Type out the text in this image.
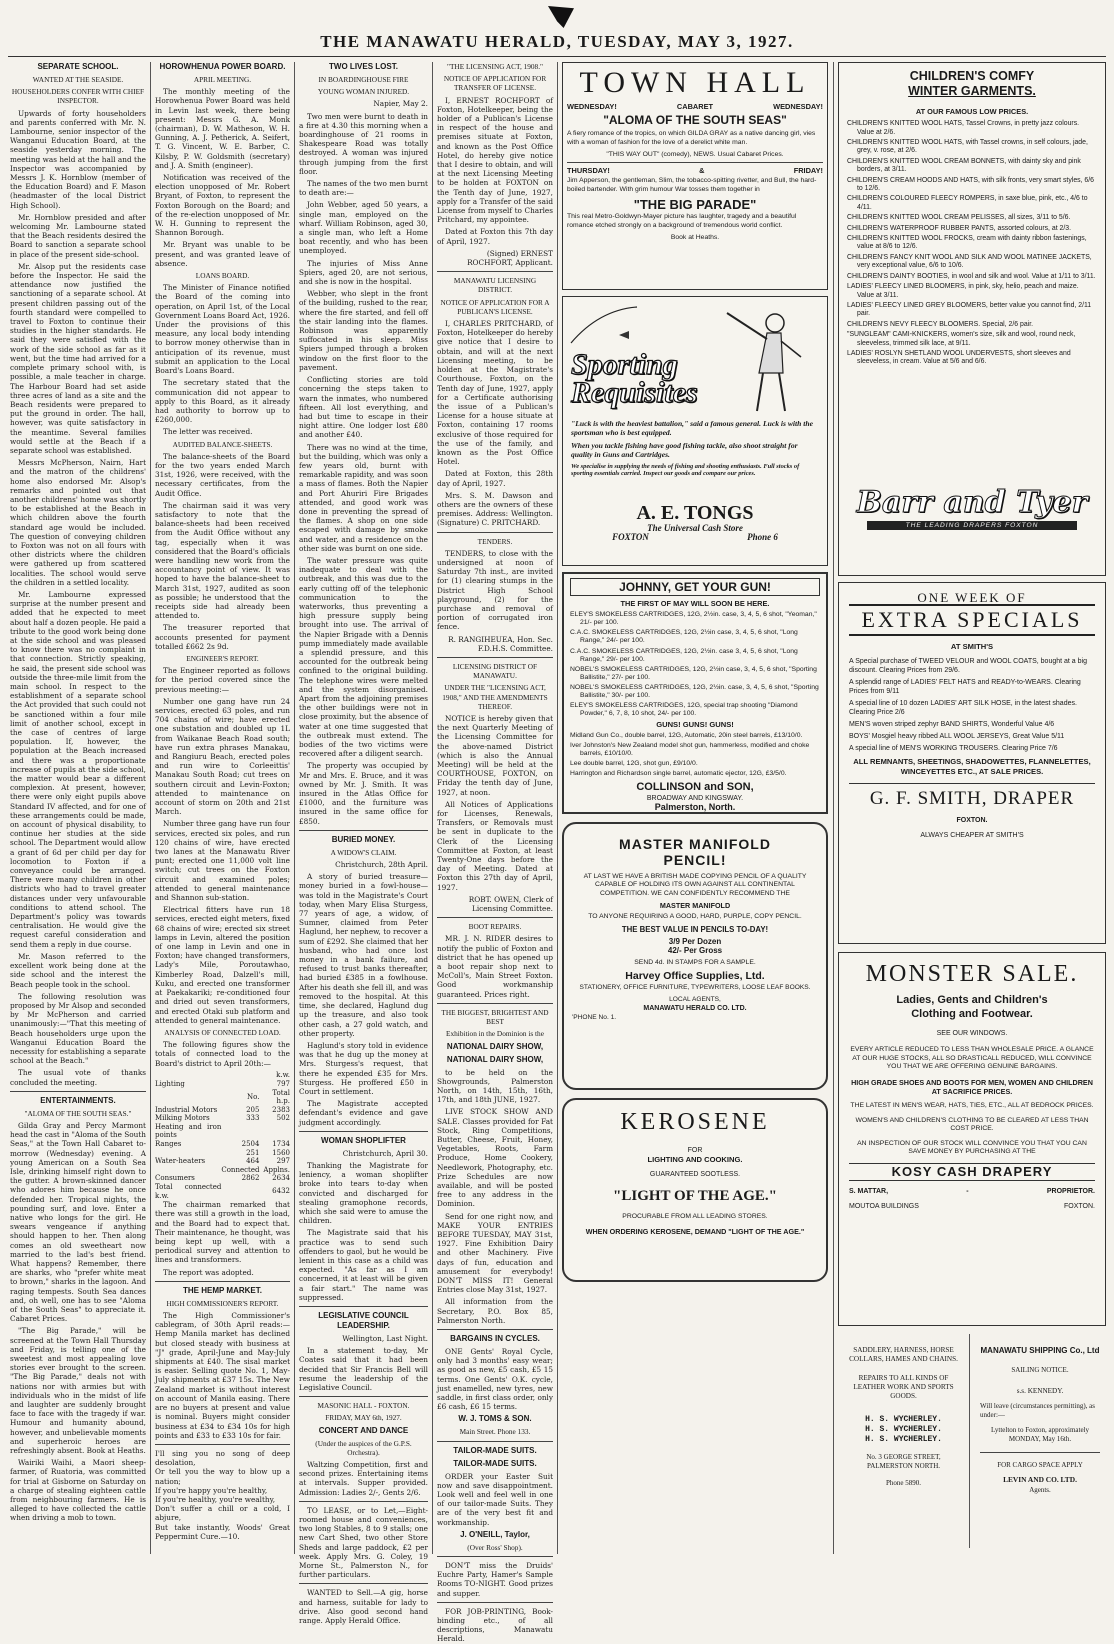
THE MANAWATU HERALD, TUESDAY, MAY 3, 1927.

SEPARATE SCHOOL.

WANTED AT THE SEASIDE.

HOUSEHOLDERS CONFER WITH CHIEF INSPECTOR.

Upwards of forty householders and parents conferred with Mr. N. Lambourne, senior inspector of the Wanganui Education Board, at the seaside yesterday morning. The meeting was held at the hall and the Inspector was accompanied by Messrs J. K. Hornblow (member of the Education Board) and F. Mason (headmaster of the local District High School).

Mr. Hornblow presided and after welcoming Mr. Lambourne stated that the Beach residents desired the Board to sanction a separate school in place of the present side-school.

Mr. Alsop put the residents case before the Inspector. He said the attendance now justified the sanctioning of a separate school. At present children passing out of the fourth standard were compelled to travel to Foxton to continue their studies in the higher standards. He said they were satisfied with the work of the side school as far as it went, but the time had arrived for a complete primary school with, is possible, a male teacher in charge. The Harbour Board had set aside three acres of land as a site and the Beach residents were prepared to put the ground in order. The hall, however, was quite satisfactory in the meantime. Several families would settle at the Beach if a separate school was established.

Messrs McPherson, Nairn, Hart and the matron of the childrens' home also endorsed Mr. Alsop's remarks and pointed out that another childrens' home was shortly to be established at the Beach in which children above the fourth standard age would be included. The question of conveying children to Foxton was not on all fours with other districts where the children were gathered up from scattered localities. The school would serve the children in a settled locality.

Mr. Lambourne expressed surprise at the number present and added that he expected to meet about half a dozen people. He paid a tribute to the good work being done at the side school and was pleased to know there was no complaint in that connection. Strictly speaking, he said, the present side school was outside the three-mile limit from the main school. In respect to the establishment of a separate school the Act provided that such could not be sanctioned within a four mile limit of another school, except in the case of centres of large population. If, however, the population at the Beach increased and there was a proportionate increase of pupils at the side school, the matter would bear a different complexion. At present, however, there were only eight pupils above Standard IV affected, and for one of these arrangements could be made, on account of physical disability, to continue her studies at the side school. The Department would allow a grant of 6d per child per day for locomotion to Foxton if a conveyance could be arranged. There were many children in other districts who had to travel greater distances under very unfavourable conditions to attend school. The Department's policy was towards centralisation. He would give the request careful consideration and send them a reply in due course.

Mr. Mason referred to the excellent work being done at the side school and the interest the Beach people took in the school.

The following resolution was proposed by Mr Alsop and seconded by Mr McPherson and carried unanimously:—"That this meeting of Beach householders urge upon the Wanganui Education Board the necessity for establishing a separate school at the Beach."

The usual vote of thanks concluded the meeting.

ENTERTAINMENTS.

"ALOMA OF THE SOUTH SEAS."

Gilda Gray and Percy Marmont head the cast in "Aloma of the South Seas," at the Town Hall Cabaret to-morrow (Wednesday) evening. A young American on a South Sea Isle, drinking himself right down to the gutter. A brown-skinned dancer who adores him because he once defended her. Tropical nights, the pounding surf, and love. Enter a native who longs for the girl. He swears vengeance if anything should happen to her. Then along comes an old sweetheart now married to the lad's best friend. What happens? Remember, there are sharks, who "prefer white meat to brown," sharks in the lagoon. And raging tempests. South Sea dances and, oh well, one has to see "Aloma of the South Seas" to appreciate it. Cabaret Prices.

"The Big Parade," will be screened at the Town Hall Thursday and Friday, is telling one of the sweetest and most appealing love stories ever brought to the screen. "The Big Parade," deals not with nations nor with armies but with individuals who in the midst of life and laughter are suddenly brought face to face with the tragedy if war. Humour and humanity abound, however, and unbelievable moments and superheroic heroes are refreshingly absent. Book at Heaths.

Wairiki Waihi, a Maori sheep-farmer, of Ruatoria, was committed for trial at Gisborne on Saturday on a charge of stealing eighteen cattle from neighbouring farmers. He is alleged to have collected the cattle when driving a mob to town.

HOROWHENUA POWER BOARD.

APRIL MEETING.

The monthly meeting of the Horowhenua Power Board was held in Levin last week, there being present: Messrs G. A. Monk (chairman), D. W. Matheson, W. H. Gunning, A. J. Petherick, A. Seifert, T. G. Vincent, W. E. Barber, C. Kilsby, P. W. Goldsmith (secretary) and J. A. Smith (engineer).

Notification was received of the election unopposed of Mr. Robert Bryant, of Foxton, to represent the Foxton Borough on the Board; and of the re-election unopposed of Mr. W. H. Gunning to represent the Shannon Borough.

Mr. Bryant was unable to be present, and was granted leave of absence.

LOANS BOARD.

The Minister of Finance notified the Board of the coming into operation, on April 1st, of the Local Government Loans Board Act, 1926. Under the provisions of this measure, any local body intending to borrow money otherwise than in anticipation of its revenue, must submit an application to the Local Board's Loans Board.

The secretary stated that the communication did not appear to apply to this Board, as it already had authority to borrow up to £260,000.

The letter was received.

AUDITED BALANCE-SHEETS.

The balance-sheets of the Board for the two years ended March 31st, 1926, were received, with the necessary certificates, from the Audit Office.

The chairman said it was very satisfactory to note that the balance-sheets had been received from the Audit Office without any tag, especially when it was considered that the Board's officials were handling new work from the accountancy point of view. It was hoped to have the balance-sheet to March 31st, 1927, audited as soon as possible; he understood that the receipts side had already been attended to.

The treasurer reported that accounts presented for payment totalled £662 2s 9d.

ENGINEER'S REPORT.

The Engineer reported as follows for the period covered since the previous meeting:—

Number one gang have run 24 services, erected 63 poles, and run 704 chains of wire; have erected one substation and doubled up 1L from Waikanae Beach Road south; have run extra phrases Manakau, and Rangiuru Beach, erected poles and run wire to Corleeittis' Manakau South Road; cut trees on southern circuit and Levin-Foxton; attended to maintenance on account of storm on 20th and 21st March.

Number three gang have run four services, erected six poles, and run 120 chains of wire, have erected two lanes at the Manawatu River punt; erected one 11,000 volt line switch; cut trees on the Foxton circuit and examined poles; attended to general maintenance and Shannon sub-station.

Electrical fitters have run 18 services, erected eight meters, fixed 68 chains of wire; erected six street lamps in Levin, altered the position of one lamp in Levin and one in Foxton; have changed transformers, Lady's Mile, Poroutawhao, Kimberley Road, Dalzell's mill, Kuku, and erected one transformer at Paekakariki; re-conditioned four and dried out seven transformers, and erected Otaki sub platform and attended to general maintenance.

ANALYSIS OF CONNECTED LOAD.

The following figures show the totals of connected load to the Board's district to April 20th:—

k.w.
Lighting		797
	No.	Total h.p.
Industrial Motors	205	2383
Milking Motors	333	502
Heating and iron points		
Ranges	2504	1734
	251	1560
Water-heaters	464	297
	Connected	Applns.
Consumers	2862	2634
Total connected k.w.		6432

The chairman remarked that there was still a growth in the load, and the Board had to expect that. Their maintenance, he thought, was being kept up well, with a periodical survey and attention to lines and transformers.

The report was adopted.

THE HEMP MARKET.

HIGH COMMISSIONER'S REPORT.

The High Commissioner's cablegram, of 30th April reads:—Hemp Manila market has declined but closed steady with business at "J" grade, April-June and May-July shipments at £40. The sisal market is easier. Selling quote No. 1, May-July shipments at £37 15s. The New Zealand market is without interest on account of Manila easing. There are no buyers at present and value is nominal. Buyers might consider business at £34 to £34 10s for high points and £33 to £33 10s for fair.

I'll sing you no song of deep desolation,
Or tell you the way to blow up a nation;
If you're happy you're healthy,
If you're healthy, you're wealthy,
Don't suffer a chill or a cold, I abjure,
But take instantly, Woods' Great Peppermint Cure.—10.

TWO LIVES LOST.

IN BOARDINGHOUSE FIRE

YOUNG WOMAN INJURED.

Napier, May 2.

Two men were burnt to death in a fire at 4.30 this morning when a boardinghouse of 21 rooms in Shakespeare Road was totally destroyed. A woman was injured through jumping from the first floor.

The names of the two men burnt to death are:—

John Webber, aged 50 years, a single man, employed on the wharf. William Robinson, aged 30, a single man, who left a Home boat recently, and who has been unemployed.

The injuries of Miss Anne Spiers, aged 20, are not serious, and she is now in the hospital.

Webber, who slept in the front of the building, rushed to the rear, where the fire started, and fell off the stair landing into the flames. Robinson was apparently suffocated in his sleep. Miss Spiers jumped through a broken window on the first floor to the pavement.

Conflicting stories are told concerning the steps taken to warn the inmates, who numbered fifteen. All lost everything, and had but time to escape in their night attire. One lodger lost £80 and another £40.

There was no wind at the time, but the building, which was only a few years old, burnt with remarkable rapidity, and was soon a mass of flames. Both the Napier and Port Ahuriri Fire Brigades attended, and good work was done in preventing the spread of the flames. A shop on one side escaped with damage by smoke and water, and a residence on the other side was burnt on one side.

The water pressure was quite inadequate to deal with the outbreak, and this was due to the early cutting off of the telephonic communication to the waterworks, thus preventing a high pressure supply being brought into use. The arrival of the Napier Brigade with a Dennis pump immediately made available a splendid pressure, and this accounted for the outbreak being confined to the original building. The telephone wires were melted and the system disorganised. Apart from the adjoining premises the other buildings were not in close proximity, but the absence of water at one time suggested that the outbreak must extend. The bodies of the two victims were recovered after a diligent search.

The property was occupied by Mr and Mrs. E. Bruce, and it was owned by Mr. J. Smith. It was insured in the Atlas Office for £1000, and the furniture was insured in the same office for £850.

BURIED MONEY.

A WIDOW'S CLAIM.

Christchurch, 28th April.

A story of buried treasure—money buried in a fowl-house—was told in the Magistrate's Court today, when Mary Elisa Sturgess, 77 years of age, a widow, of Sumner, claimed from Peter Haglund, her nephew, to recover a sum of £292. She claimed that her husband, who had once lost money in a bank failure, and refused to trust banks thereafter, had buried £385 in a fowlhouse. After his death she fell ill, and was removed to the hospital. At this time, she declared, Haglund dug up the treasure, and also took other cash, a 27 gold watch, and other property.

Haglund's story told in evidence was that he dug up the money at Mrs. Sturgess's request, that there he expended £35 for Mrs. Sturgess. He proffered £50 in Court in settlement.

The Magistrate accepted defendant's evidence and gave judgment accordingly.

WOMAN SHOPLIFTER

Christchurch, April 30.

Thanking the Magistrate for leniency, a woman shoplifter broke into tears to-day when convicted and discharged for stealing gramophone records, which she said were to amuse the children.

The Magistrate said that his practice was to send such offenders to gaol, but he would be lenient in this case as a child was expected. "As far as I am concerned, it at least will be given a fair start." The name was suppressed.

LEGISLATIVE COUNCIL LEADERSHIP.

Wellington, Last Night.

In a statement to-day, Mr Coates said that it had been decided that Sir Francis Bell will resume the leadership of the Legislative Council.

MASONIC HALL - FOXTON.

FRIDAY, MAY 6th, 1927.

CONCERT AND DANCE

(Under the auspices of the G.P.S. Orchestra).

Waltzing Competition, first and second prizes. Entertaining items at intervals. Supper provided. Admission: Ladies 2/-, Gents 2/6.

TO LEASE, or to Let,—Eight-roomed house and conveniences, two long Stables, 8 to 9 stalls; one new Cart Shed, two other Store Sheds and large paddock, £2 per week. Apply Mrs. G. Coley, 19 Morne St., Palmerston N., for further particulars.

WANTED to Sell.—A gig, horse and harness, suitable for lady to drive. Also good second hand range. Apply Herald Office.

"THE LICENSING ACT, 1908."

NOTICE OF APPLICATION FOR TRANSFER OF LICENSE.

I, ERNEST ROCHFORT of Foxton, Hotelkeeper, being the holder of a Publican's License in respect of the house and premises situate at Foxton, and known as the Post Office Hotel, do hereby give notice that I desire to obtain, and will at the next Licensing Meeting to be holden at FOXTON on the Tenth day of June, 1927, apply for a Transfer of the said License from myself to Charles Pritchard, my appointee.

Dated at Foxton this 7th day of April, 1927.

(Signed) ERNEST ROCHFORT, Applicant.

MANAWATU LICENSING DISTRICT.

NOTICE OF APPLICATION FOR A PUBLICAN'S LICENSE.

I, CHARLES PRITCHARD, of Foxton, Hotelkeeper do hereby give notice that I desire to obtain, and will at the next Licensing meeting, to be holden at the Magistrate's Courthouse, Foxton, on the Tenth day of June, 1927, apply for a Certificate authorising the issue of a Publican's License for a house situate at Foxton, containing 17 rooms exclusive of those required for the use of the family, and known as the Post Office Hotel.

Dated at Foxton, this 28th day of April, 1927.

Mrs. S. M. Dawson and others are the owners of these premises. Address: Wellington. (Signature) C. PRITCHARD.

TENDERS.

TENDERS, to close with the undersigned at noon of Saturday 7th inst., are invited for (1) clearing stumps in the District High School playground, (2) for the purchase and removal of portion of corrugated iron fence.

R. RANGIHEUEA, Hon. Sec. F.D.H.S. Committee.

LICENSING DISTRICT OF MANAWATU.

UNDER THE "LICENSING ACT, 1908," AND THE AMENDMENTS THEREOF.

NOTICE is hereby given that the next Quarterly Meeting of the Licensing Committee for the above-named District (which is also the Annual Meeting) will be held at the COURTHOUSE, FOXTON, on Friday the tenth day of June, 1927, at noon.

All Notices of Applications for Licenses, Renewals, Transfers, or Removals must be sent in duplicate to the Clerk of the Licensing Committee at Foxton, at least Twenty-One days before the day of Meeting. Dated at Foxton this 27th day of April, 1927.

ROBT. OWEN, Clerk of Licensing Committee.

BOOT REPAIRS.

MR. J. N. RIDER desires to notify the public of Foxton and district that he has opened up a boot repair shop next to McColl's, Main Street Foxton. Good workmanship guaranteed. Prices right.

THE BIGGEST, BRIGHTEST AND BEST

Exhibition in the Dominion is the

NATIONAL DAIRY SHOW,

NATIONAL DAIRY SHOW,

to be held on the Showgrounds, Palmerston North, on 14th, 15th, 16th, 17th, and 18th JUNE, 1927.

LIVE STOCK SHOW AND SALE. Classes provided for Fat Stock, Ring Competitions, Butter, Cheese, Fruit, Honey, Vegetables, Roots, Farm Produce, Home Cookery, Needlework, Photography, etc. Prize Schedules are now available, and will be posted free to any address in the Dominion.

Send for one right now, and MAKE YOUR ENTRIES BEFORE TUESDAY, MAY 31st, 1927. Fine Exhibition Dairy and other Machinery. Five days of fun, education and amusement for everybody! DON'T MISS IT! General Entries close May 31st, 1927.

All information from the Secretary, P.O. Box 85, Palmerston North.

BARGAINS IN CYCLES.

ONE Gents' Royal Cycle, only had 3 months' easy wear; as good as new, £5 cash, £5 15 terms. One Gents' O.K. cycle, just enamelled, new tyres, new saddle, in first class order, only £6 cash, £6 15 terms.

W. J. TOMS & SON.

Main Street. Phone 133.

TAILOR-MADE SUITS.

TAILOR-MADE SUITS.

ORDER your Easter Suit now and save disappointment. Look well and feel well in one of our tailor-made Suits. They are of the very best fit and workmanship.

J. O'NEILL, Taylor,

(Over Ross' Shop).

DON'T miss the Druids' Euchre Party, Hamer's Sample Rooms TO-NIGHT. Good prizes and supper.

FOR JOB-PRINTING, Book-binding etc., of all descriptions, Manawatu Herald.

TOWN HALL
WEDNESDAY!	CABARET	WEDNESDAY!
"ALOMA OF THE SOUTH SEAS"

A fiery romance of the tropics, on which GILDA GRAY as a native dancing girl, vies with a woman of fashion for the love of a derelict white man.

"THIS WAY OUT" (comedy), NEWS. Usual Cabaret Prices.

THURSDAY!	&	FRIDAY!

Jim Apperson, the gentleman, Slim, the tobacco-spitting rivetter, and Bull, the hard-boiled bartender. With grim humour War tosses them together in

"THE BIG PARADE"

This real Metro-Goldwyn-Mayer picture has laughter, tragedy and a beautiful romance etched strongly on a background of tremendous world conflict.

Book at Heaths.

Sporting
Requisites

"Luck is with the heaviest battalion," said a famous general. Luck is with the sportsman who is best equipped.

When you tackle fishing have good fishing tackle, also shoot straight for quality in Guns and Cartridges.

We specialise in supplying the needs of fishing and shooting enthusiasts. Full stocks of sporting essentials carried. Inspect our goods and compare our prices.

A. E. TONGS
The Universal Cash Store
FOXTON	Phone 6
JOHNNY, GET YOUR GUN!
THE FIRST OF MAY WILL SOON BE HERE.

ELEY'S SMOKELESS CARTRIDGES, 12G, 2½in. case, 3, 4, 5, 6 shot, "Yeoman," 21/- per 100.

C.A.C. SMOKELESS CARTRIDGES, 12G, 2½in case, 3, 4, 5, 6 shot, "Long Range," 24/- per 100.

C.A.C. SMOKELESS CARTRIDGES, 12G, 2½in. case 3, 4, 5, 6 shot, "Long Range," 29/- per 100.

NOBEL'S SMOKELESS CARTRIDGES, 12G, 2½in case, 3, 4, 5, 6 shot, "Sporting Ballistite," 27/- per 100.

NOBEL'S SMOKELESS CARTRIDGES, 12G, 2½in. case, 3, 4, 5, 6 shot, "Sporting Ballistite," 30/- per 100.

ELEY'S SMOKELESS CARTRIDGES, 12G, special trap shooting "Diamond Powder," 6, 7, 8, 10 shot, 24/- per 100.

GUNS! GUNS! GUNS!

Midland Gun Co., double barrel, 12G, Automatic, 20in steel barrels, £13/10/0.

Iver Johnston's New Zealand model shot gun, hammerless, modified and choke barrels, £10/10/0.

Lee double barrel, 12G, shot gun, £9/10/0.

Harrington and Richardson single barrel, automatic ejector, 12G, £3/5/0.

COLLINSON and SON,
BROADWAY AND KINGSWAY.
Palmerston, North.
MASTER MANIFOLD
PENCIL!

AT LAST WE HAVE A BRITISH MADE COPYING PENCIL OF A QUALITY CAPABLE OF HOLDING ITS OWN AGAINST ALL CONTINENTAL COMPETITION. WE CAN CONFIDENTLY RECOMMEND THE

MASTER MANIFOLD

TO ANYONE REQUIRING A GOOD, HARD, PURPLE, COPY PENCIL.

THE BEST VALUE IN PENCILS TO-DAY!

3/9 Per Dozen

42/- Per Gross

SEND 4d. IN STAMPS FOR A SAMPLE.

Harvey Office Supplies, Ltd.

STATIONERY, OFFICE FURNITURE, TYPEWRITERS, LOOSE LEAF BOOKS.

LOCAL AGENTS,

MANAWATU HERALD CO. LTD.

'PHONE No. 1.

KEROSENE
FOR
LIGHTING AND COOKING.
GUARANTEED SOOTLESS.
"LIGHT OF THE AGE."
PROCURABLE FROM ALL LEADING STORES.
WHEN ORDERING KEROSENE, DEMAND "LIGHT OF THE AGE."
CHILDREN'S COMFY
WINTER GARMENTS.
AT OUR FAMOUS LOW PRICES.

CHILDREN'S KNITTED WOOL HATS, Tassel Crowns, in pretty jazz colours. Value at 2/6.

CHILDREN'S KNITTED WOOL HATS, with Tassel crowns, in self colours, jade, grey, v. rose, at 2/6.

CHILDREN'S KNITTED WOOL CREAM BONNETS, with dainty sky and pink borders, at 3/11.

CHILDREN'S CREAM HOODS AND HATS, with silk fronts, very smart styles, 6/6 to 12/6.

CHILDREN'S COLOURED FLEECY ROMPERS, in saxe blue, pink, etc., 4/6 to 4/11.

CHILDREN'S KNITTED WOOL CREAM PELISSES, all sizes, 3/11 to 5/6.

CHILDREN'S WATERPROOF RUBBER PANTS, assorted colours, at 2/3.

CHILDREN'S KNITTED WOOL FROCKS, cream with dainty ribbon fastenings, value at 8/6 to 12/6.

CHILDREN'S FANCY KNIT WOOL AND SILK AND WOOL MATINEE JACKETS, very exceptional value, 6/6 to 10/6.

CHILDREN'S DAINTY BOOTIES, in wool and silk and wool. Value at 1/11 to 3/11.

LADIES' FLEECY LINED BLOOMERS, in pink, sky, helio, peach and maize. Value at 3/11.

LADIES' FLEECY LINED GREY BLOOMERS, better value you cannot find, 2/11 pair.

CHILDREN'S NEVY FLEECY BLOOMERS. Special, 2/6 pair.

"SUNGLEAM" CAMI-KNICKERS, women's size, silk and wool, round neck, sleeveless, trimmed silk lace, at 9/11.

LADIES' ROSLYN SHETLAND WOOL UNDERVESTS, short sleeves and sleeveless, in cream. Value at 5/6 and 6/6.

Barr and Tyer
THE LEADING DRAPERS FOXTON
ONE WEEK OF
EXTRA SPECIALS
AT SMITH'S

A Special purchase of TWEED VELOUR and WOOL COATS, bought at a big discount. Clearing Prices from 29/6.

A splendid range of LADIES' FELT HATS and READY-to-WEARS. Clearing Prices from 9/11

A special line of 10 dozen LADIES' ART SILK HOSE, in the latest shades. Clearing Price 2/6

MEN'S woven striped zephyr BAND SHIRTS, Wonderful Value 4/6

BOYS' Mosgiel heavy ribbed ALL WOOL JERSEYS, Great Value 5/11

A special line of MEN'S WORKING TROUSERS. Clearing Price 7/6

ALL REMNANTS, SHEETINGS, SHADOWETTES, FLANNELETTES, WINCEYETTES ETC., AT SALE PRICES.

G. F. SMITH, DRAPER
FOXTON.
ALWAYS CHEAPER AT SMITH'S
MONSTER SALE.
Ladies, Gents and Children's
Clothing and Footwear.
SEE OUR WINDOWS.

EVERY ARTICLE REDUCED TO LESS THAN WHOLESALE PRICE. A GLANCE AT OUR HUGE STOCKS, ALL SO DRASTICALL REDUCED, WILL CONVINCE YOU THAT WE ARE OFFERING GENUINE BARGAINS.

HIGH GRADE SHOES AND BOOTS FOR MEN, WOMEN AND CHILDREN AT SACRIFICE PRICES.

THE LATEST IN MEN'S WEAR, HATS, TIES, ETC., ALL AT BEDROCK PRICES.

WOMEN'S AND CHILDREN'S CLOTHING TO BE CLEARED AT LESS THAN COST PRICE.

AN INSPECTION OF OUR STOCK WILL CONVINCE YOU THAT YOU CAN SAVE MONEY BY PURCHASING AT THE

KOSY CASH DRAPERY
S. MATTAR,	-	PROPRIETOR.
MOUTOA BUILDINGS	FOXTON.

SADDLERY, HARNESS, HORSE COLLARS, HAMES AND CHAINS.

REPAIRS TO ALL KINDS OF LEATHER WORK AND SPORTS GOODS.

H. S. WYCHERLEY.
H. S. WYCHERLEY.
H. S. WYCHERLEY.

No. 3 GEORGE STREET, PALMERSTON NORTH.

Phone 5890.

MANAWATU SHIPPING Co., Ltd
SAILING NOTICE.
s.s. KENNEDY.

Will leave (circumstances permitting), as under:—

Lyttelton to Foxton, approximately MONDAY, May 16th.

FOR CARGO SPACE APPLY
LEVIN AND CO. LTD.
Agents.
